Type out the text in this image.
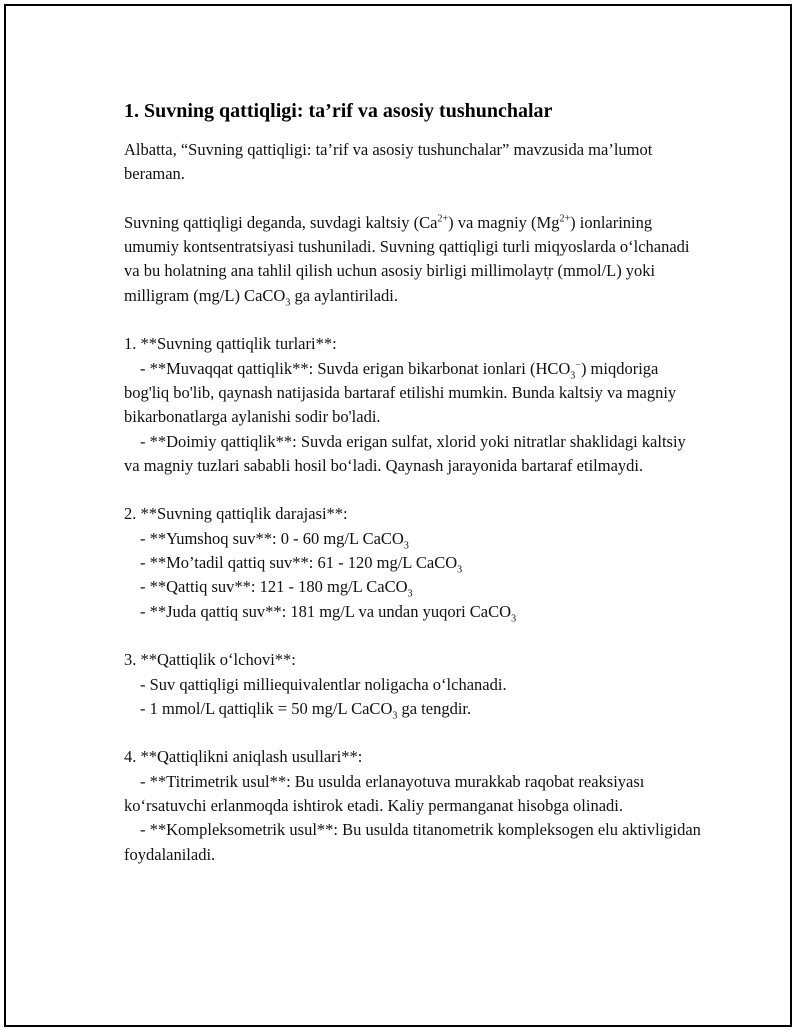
1. Suvning qattiqligi: ta’rif va asosiy tushunchalar

Albatta, “Suvning qattiqligi: ta’rif va asosiy tushunchalar” mavzusida ma’lumot beraman.

Suvning qattiqligi deganda, suvdagi kaltsiy $(Ca^{2+})$ va magniy $(Mg^{2+})$ ionlarining umumiy kontsentratsiyasi tushuniladi. Suvning qattiqligi turli miqyoslarda o‘lchanadi va bu holatning ana tahlil qilish uchun asosiy birligi millimolayt̩r (mmol/L) yoki milligram (mg/L) CaCO$_3$ ga aylantiriladi.

1. **Suvning qattiqlik turlari**:

- **Muvaqqat qattiqlik**: Suvda erigan bikarbonat ionlari $(HCO_3^-)$ miqdoriga bog'liq bo'lib, qaynash natijasida bartaraf etilishi mumkin. Bunda kaltsiy va magniy bikarbonatlarga aylanishi sodir bo'ladi.

- **Doimiy qattiqlik**: Suvda erigan sulfat, xlorid yoki nitratlar shaklidagi kaltsiy va magniy tuzlari sababli hosil bo‘ladi. Qaynash jarayonida bartaraf etilmaydi.

2. **Suvning qattiqlik darajasi**:

- **Yumshoq suv**: 0 - 60 mg/L CaCO$_3$

- **Mo’tadil qattiq suv**: 61 - 120 mg/L CaCO$_3$

- **Qattiq suv**: 121 - 180 mg/L CaCO$_3$

- **Juda qattiq suv**: 181 mg/L va undan yuqori CaCO$_3$

3. **Qattiqlik o‘lchovi**:

- Suv qattiqligi milliequivalentlar noligacha o‘lchanadi.

- 1 mmol/L qattiqlik = 50 mg/L CaCO$_3$ ga tengdir.

4. **Qattiqlikni aniqlash usullari**:

- **Titrimetrik usul**: Bu usulda erlanayotuva murakkab raqobat reaksiyası ko‘rsatuvchi erlanmoqda ishtirok etadi. Kaliy permanganat hisobga olinadi.

- **Kompleksometrik usul**: Bu usulda titanometrik kompleksogen elu aktivligidan foydalaniladi.
